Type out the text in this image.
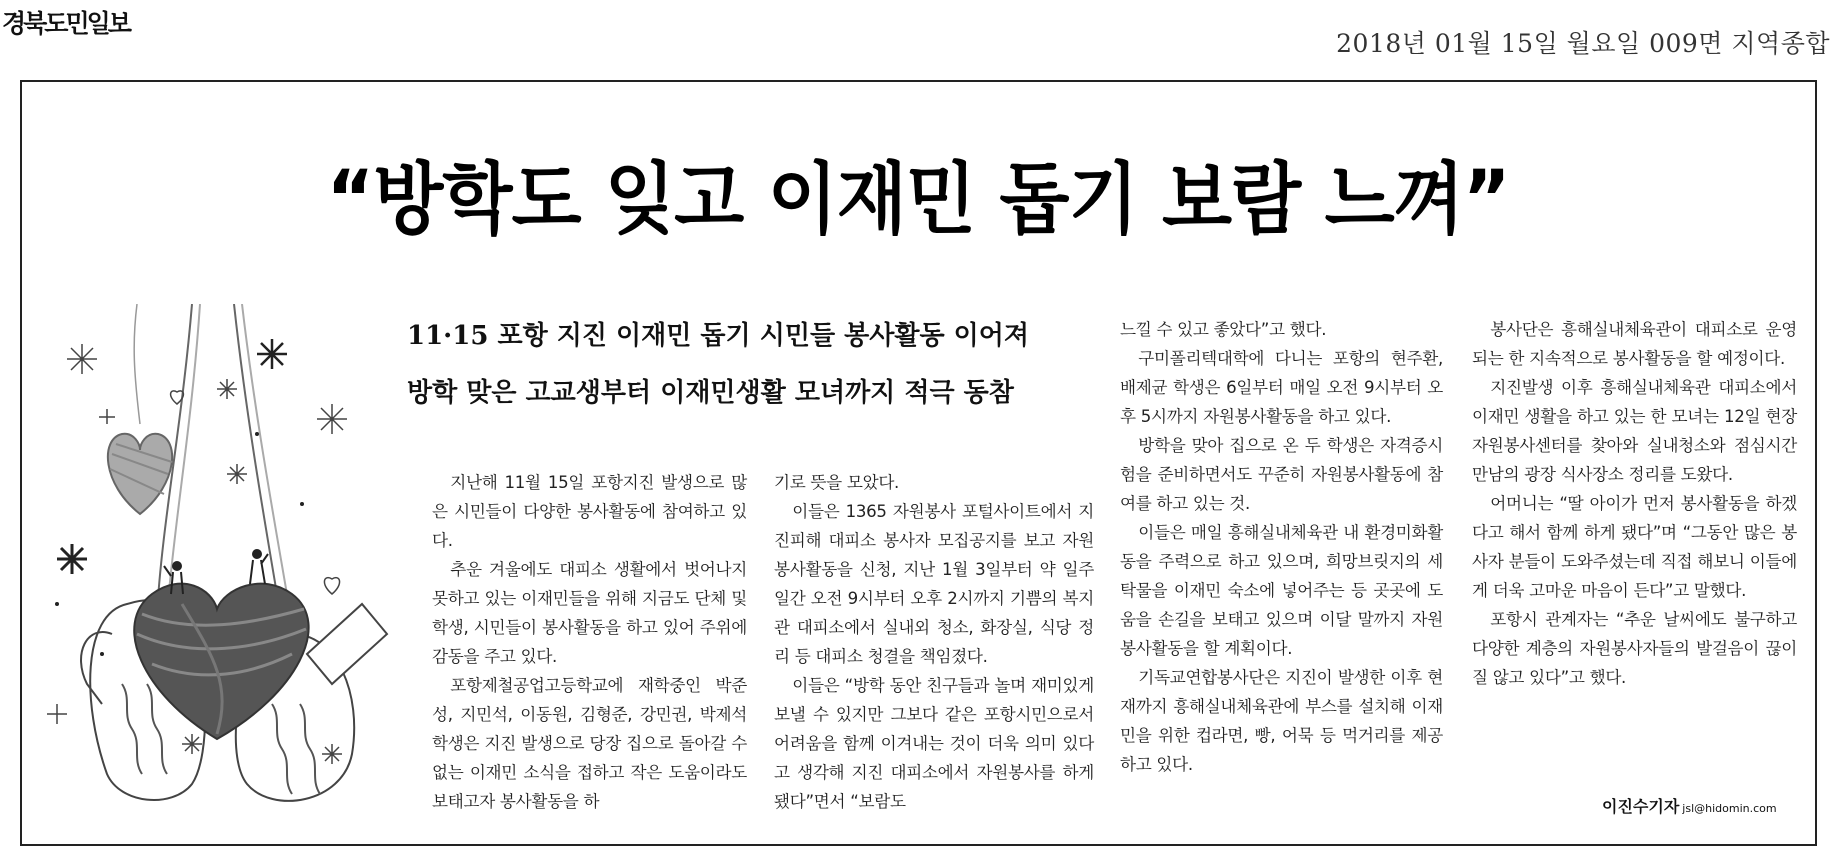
경북도민일보
2018년 01월 15일 월요일 009면 지역종합
“방학도 잊고 이재민 돕기 보람 느껴”
11·15 포항 지진 이재민 돕기 시민들 봉사활동 이어져
방학 맞은 고교생부터 이재민생활 모녀까지 적극 동참

지난해 11월 15일 포항지진 발생으로 많은 시민들이 다양한 봉사활동에 참여하고 있다.

추운 겨울에도 대피소 생활에서 벗어나지 못하고 있는 이재민들을 위해 지금도 단체 및 학생, 시민들이 봉사활동을 하고 있어 주위에 감동을 주고 있다.

포항제철공업고등학교에 재학중인 박준성, 지민석, 이동원, 김형준, 강민권, 박제석 학생은 지진 발생으로 당장 집으로 돌아갈 수 없는 이재민 소식을 접하고 작은 도움이라도 보태고자 봉사활동을 하

기로 뜻을 모았다.

이들은 1365 자원봉사 포털사이트에서 지진피해 대피소 봉사자 모집공지를 보고 자원봉사활동을 신청, 지난 1월 3일부터 약 일주일간 오전 9시부터 오후 2시까지 기쁨의 복지관 대피소에서 실내외 청소, 화장실, 식당 정리 등 대피소 청결을 책임졌다.

이들은 “방학 동안 친구들과 놀며 재미있게 보낼 수 있지만 그보다 같은 포항시민으로서 어려움을 함께 이겨내는 것이 더욱 의미 있다고 생각해 지진 대피소에서 자원봉사를 하게 됐다”면서 “보람도

느낄 수 있고 좋았다”고 했다.

구미폴리텍대학에 다니는 포항의 현주환, 배제균 학생은 6일부터 매일 오전 9시부터 오후 5시까지 자원봉사활동을 하고 있다.

방학을 맞아 집으로 온 두 학생은 자격증시험을 준비하면서도 꾸준히 자원봉사활동에 참여를 하고 있는 것.

이들은 매일 흥해실내체육관 내 환경미화활동을 주력으로 하고 있으며, 희망브릿지의 세탁물을 이재민 숙소에 넣어주는 등 곳곳에 도움을 손길을 보태고 있으며 이달 말까지 자원봉사활동을 할 계획이다.

기독교연합봉사단은 지진이 발생한 이후 현재까지 흥해실내체육관에 부스를 설치해 이재민을 위한 컵라면, 빵, 어묵 등 먹거리를 제공하고 있다.

봉사단은 흥해실내체육관이 대피소로 운영되는 한 지속적으로 봉사활동을 할 예정이다.

지진발생 이후 흥해실내체육관 대피소에서 이재민 생활을 하고 있는 한 모녀는 12일 현장자원봉사센터를 찾아와 실내청소와 점심시간 만남의 광장 식사장소 정리를 도왔다.

어머니는 “딸 아이가 먼저 봉사활동을 하겠다고 해서 함께 하게 됐다”며 “그동안 많은 봉사자 분들이 도와주셨는데 직접 해보니 이들에게 더욱 고마운 마음이 든다”고 말했다.

포항시 관계자는 “추운 날씨에도 불구하고 다양한 계층의 자원봉사자들의 발걸음이 끊이질 않고 있다”고 했다.

이진수기자 jsl@hidomin.com
